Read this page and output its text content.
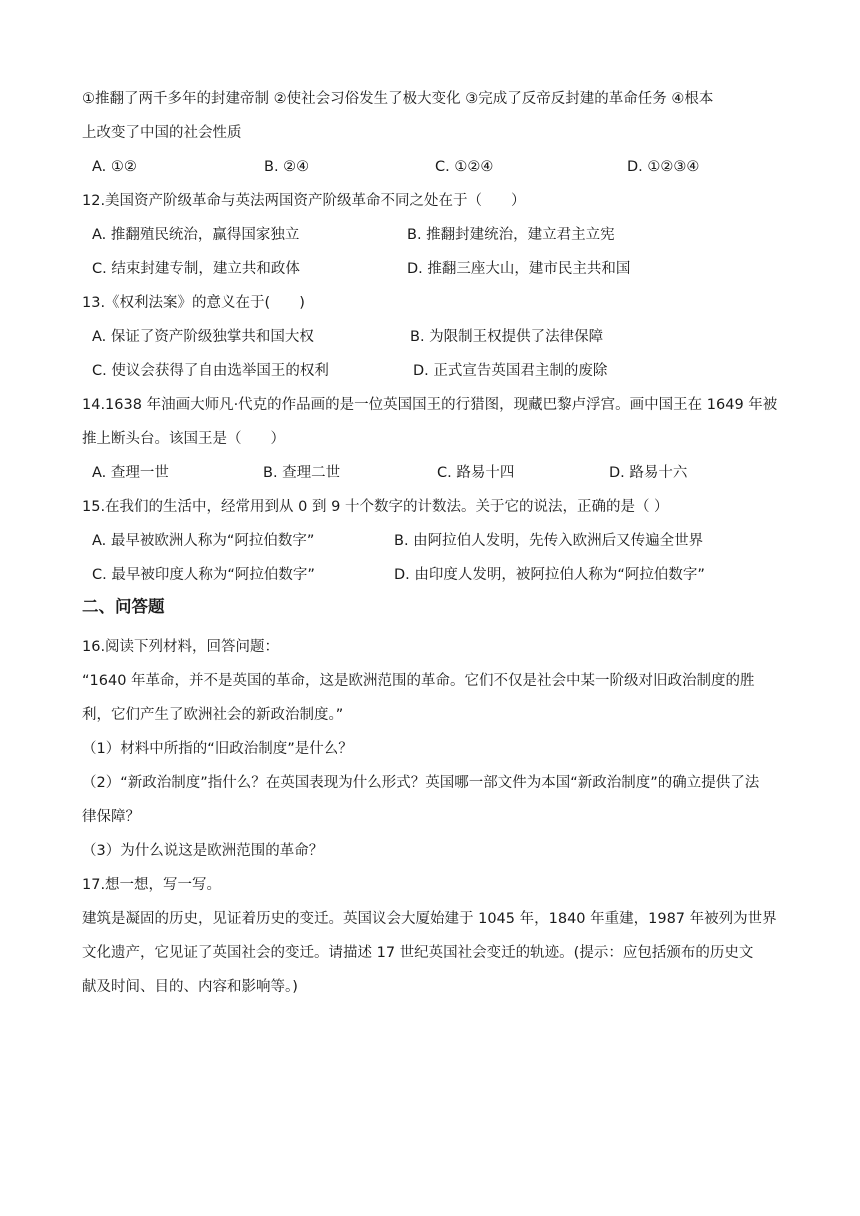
①推翻了两千多年的封建帝制 ②使社会习俗发生了极大变化 ③完成了反帝反封建的革命任务 ④根本
上改变了中国的社会性质
A. ①②	B. ②④	C. ①②④	D. ①②③④
12.美国资产阶级革命与英法两国资产阶级革命不同之处在于（　　）
A. 推翻殖民统治，赢得国家独立	B. 推翻封建统治，建立君主立宪
C. 结束封建专制，建立共和政体	D. 推翻三座大山，建市民主共和国
13.《权利法案》的意义在于(　　)
A. 保证了资产阶级独掌共和国大权	B. 为限制王权提供了法律保障
C. 使议会获得了自由选举国王的权利	D. 正式宣告英国君主制的废除
14.1638 年油画大师凡·代克的作品画的是一位英国国王的行猎图，现藏巴黎卢浮宫。画中国王在 1649 年被
推上断头台。该国王是（　　）
A. 查理一世	B. 查理二世	C. 路易十四	D. 路易十六
15.在我们的生活中，经常用到从 0 到 9 十个数字的计数法。关于它的说法，正确的是（ ）
A. 最早被欧洲人称为“阿拉伯数字”	B. 由阿拉伯人发明，先传入欧洲后又传遍全世界
C. 最早被印度人称为“阿拉伯数字”	D. 由印度人发明，被阿拉伯人称为“阿拉伯数字”
二、问答题
16.阅读下列材料，回答问题：
“1640 年革命，并不是英国的革命，这是欧洲范围的革命。它们不仅是社会中某一阶级对旧政治制度的胜
利，它们产生了欧洲社会的新政治制度。”
（1）材料中所指的“旧政治制度”是什么？
（2）“新政治制度”指什么？在英国表现为什么形式？英国哪一部文件为本国“新政治制度”的确立提供了法
律保障？
（3）为什么说这是欧洲范围的革命？
17.想一想，写一写。
建筑是凝固的历史，见证着历史的变迁。英国议会大厦始建于 1045 年，1840 年重建，1987 年被列为世界
文化遗产，它见证了英国社会的变迁。请描述 17 世纪英国社会变迁的轨迹。(提示：应包括颁布的历史文
献及时间、目的、内容和影响等。)
